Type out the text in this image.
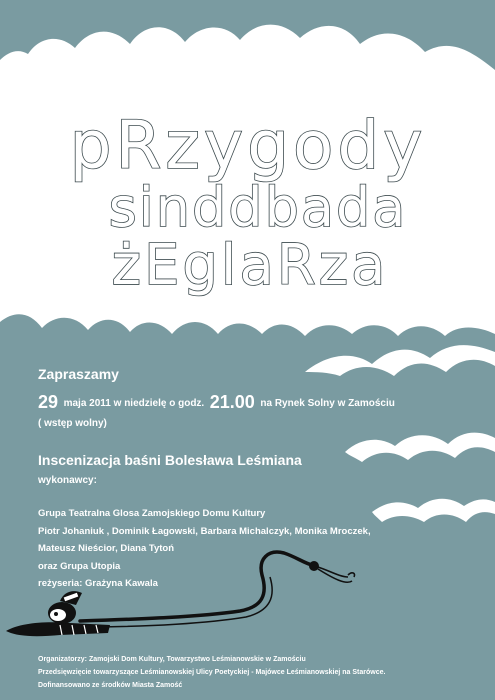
pRzygody
sinddbada
żEglaRza
Zapraszamy
29 maja 2011 w niedzielę o godz. 21.00 na Rynek Solny w Zamościu
( wstęp wolny)
Inscenizacja baśni Bolesława Leśmiana
wykonawcy:
Grupa Teatralna Glosa Zamojskiego Domu Kultury
Piotr Johaniuk , Dominik Łagowski, Barbara Michalczyk, Monika Mroczek,
Mateusz Nieścior, Diana Tytoń
oraz Grupa Utopia
reżyseria: Grażyna Kawala
Organizatorzy: Zamojski Dom Kultury, Towarzystwo Leśmianowskie w Zamościu
Przedsięwzięcie towarzyszące Leśmianowskiej Ulicy Poetyckiej - Majówce Leśmianowskiej na Starówce.
Dofinansowano ze środków Miasta Zamość
